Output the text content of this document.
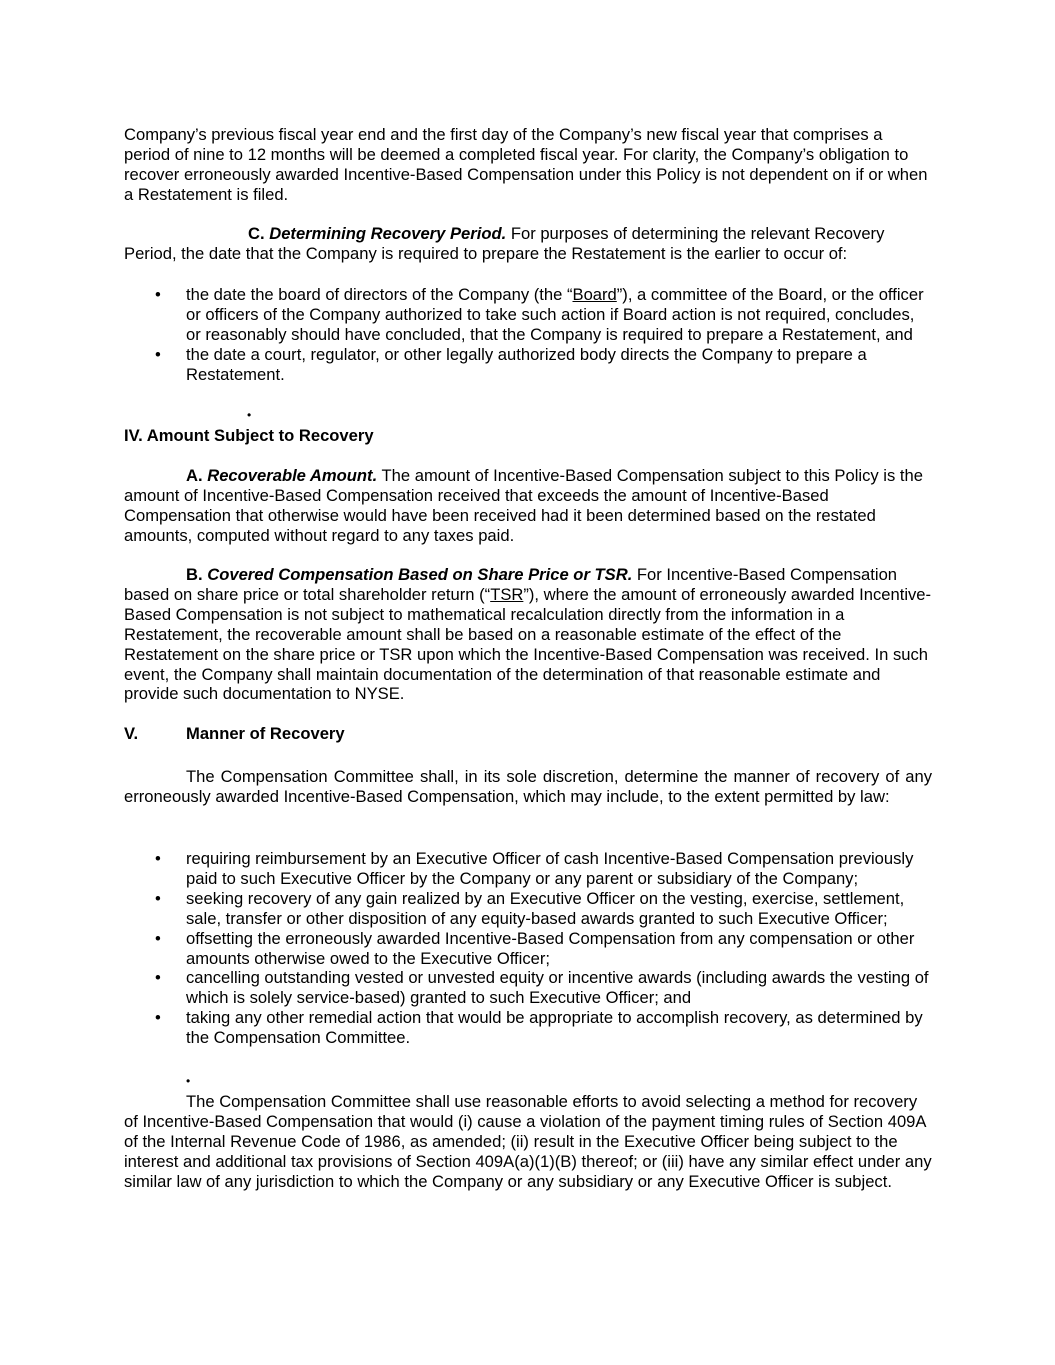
Company’s previous fiscal year end and the first day of the Company’s new fiscal year that comprises a period of nine to 12 months will be deemed a completed fiscal year. For clarity, the Company’s obligation to recover erroneously awarded Incentive-Based Compensation under this Policy is not dependent on if or when a Restatement is filed.

C. Determining Recovery Period. For purposes of determining the relevant Recovery Period, the date that the Company is required to prepare the Restatement is the earlier to occur of:

• the date the board of directors of the Company (the “Board”), a committee of the Board, or the officer or officers of the Company authorized to take such action if Board action is not required, concludes, or reasonably should have concluded, that the Company is required to prepare a Restatement, and
• the date a court, regulator, or other legally authorized body directs the Company to prepare a Restatement.
•

IV. Amount Subject to Recovery

A. Recoverable Amount. The amount of Incentive-Based Compensation subject to this Policy is the amount of Incentive-Based Compensation received that exceeds the amount of Incentive-Based Compensation that otherwise would have been received had it been determined based on the restated amounts, computed without regard to any taxes paid.

B. Covered Compensation Based on Share Price or TSR. For Incentive-Based Compensation based on share price or total shareholder return (“TSR”), where the amount of erroneously awarded Incentive-Based Compensation is not subject to mathematical recalculation directly from the information in a Restatement, the recoverable amount shall be based on a reasonable estimate of the effect of the Restatement on the share price or TSR upon which the Incentive-Based Compensation was received. In such event, the Company shall maintain documentation of the determination of that reasonable estimate and provide such documentation to NYSE.

V.	Manner of Recovery

The Compensation Committee shall, in its sole discretion, determine the manner of recovery of any erroneously awarded Incentive-Based Compensation, which may include, to the extent permitted by law:

• requiring reimbursement by an Executive Officer of cash Incentive-Based Compensation previously paid to such Executive Officer by the Company or any parent or subsidiary of the Company;
• seeking recovery of any gain realized by an Executive Officer on the vesting, exercise, settlement, sale, transfer or other disposition of any equity-based awards granted to such Executive Officer;
• offsetting the erroneously awarded Incentive-Based Compensation from any compensation or other amounts otherwise owed to the Executive Officer;
• cancelling outstanding vested or unvested equity or incentive awards (including awards the vesting of which is solely service-based) granted to such Executive Officer; and
• taking any other remedial action that would be appropriate to accomplish recovery, as determined by the Compensation Committee.
•

The Compensation Committee shall use reasonable efforts to avoid selecting a method for recovery of Incentive-Based Compensation that would (i) cause a violation of the payment timing rules of Section 409A of the Internal Revenue Code of 1986, as amended; (ii) result in the Executive Officer being subject to the interest and additional tax provisions of Section 409A(a)(1)(B) thereof; or (iii) have any similar effect under any similar law of any jurisdiction to which the Company or any subsidiary or any Executive Officer is subject.
